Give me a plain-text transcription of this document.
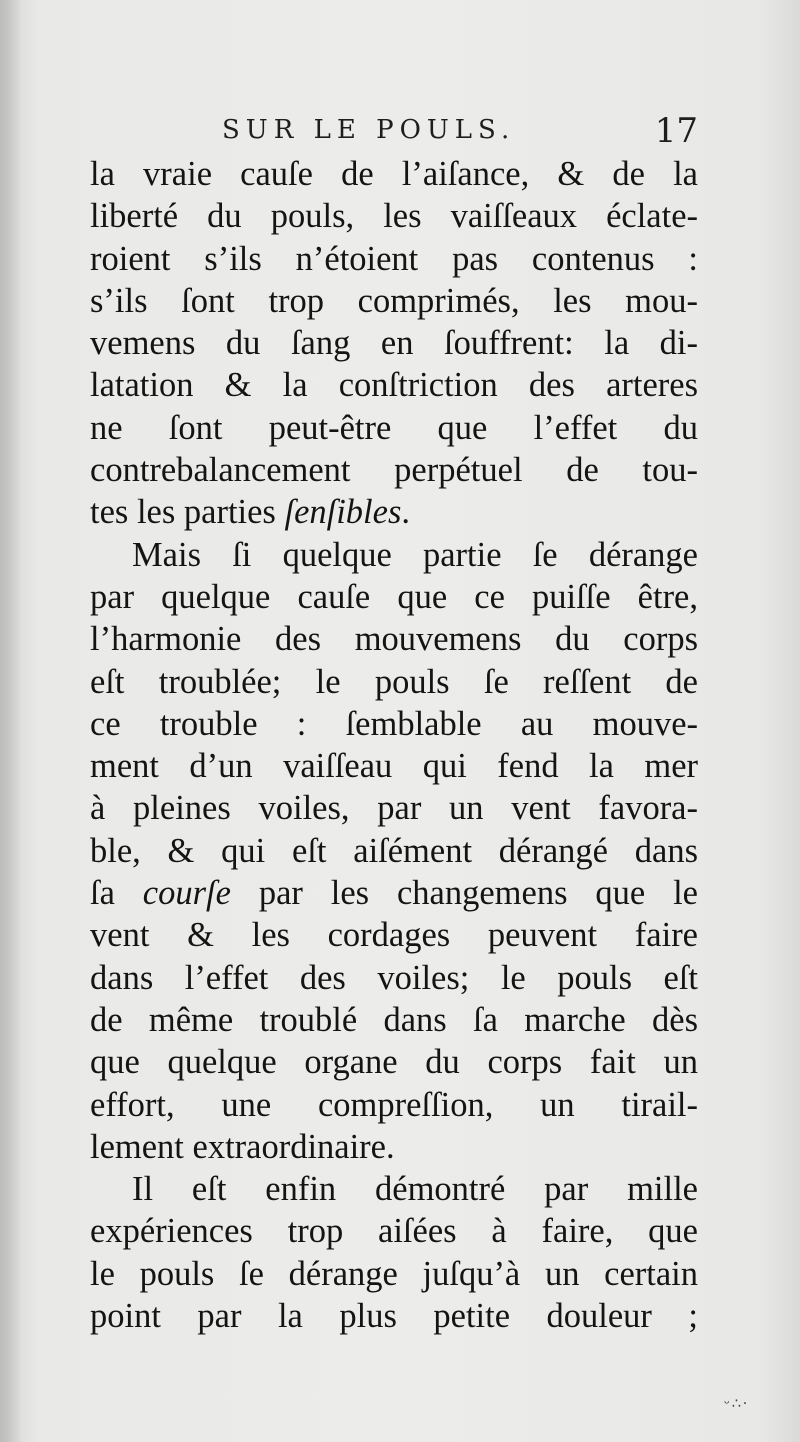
SUR LE POULS.	17
la vraie cauſe de l’aiſance, & de la
liberté du pouls, les vaiſſeaux éclate-
roient s’ils n’étoient pas contenus :
s’ils ſont trop comprimés, les mou-
vemens du ſang en ſouffrent: la di-
latation & la conſtriction des arteres
ne ſont peut-être que l’effet du
contrebalancement perpétuel de tou-
tes les parties ſenſibles.
Mais ſi quelque partie ſe dérange
par quelque cauſe que ce puiſſe être,
l’harmonie des mouvemens du corps
eſt troublée; le pouls ſe reſſent de
ce trouble : ſemblable au mouve-
ment d’un vaiſſeau qui fend la mer
à pleines voiles, par un vent favora-
ble, & qui eſt aiſément dérangé dans
ſa courſe par les changemens que le
vent & les cordages peuvent faire
dans l’effet des voiles; le pouls eſt
de même troublé dans ſa marche dès
que quelque organe du corps fait un
effort, une compreſſion, un tirail-
lement extraordinaire.
Il eſt enfin démontré par mille
expériences trop aiſées à faire, que
le pouls ſe dérange juſqu’à un certain
point par la plus petite douleur ;
ᵕ∴·
